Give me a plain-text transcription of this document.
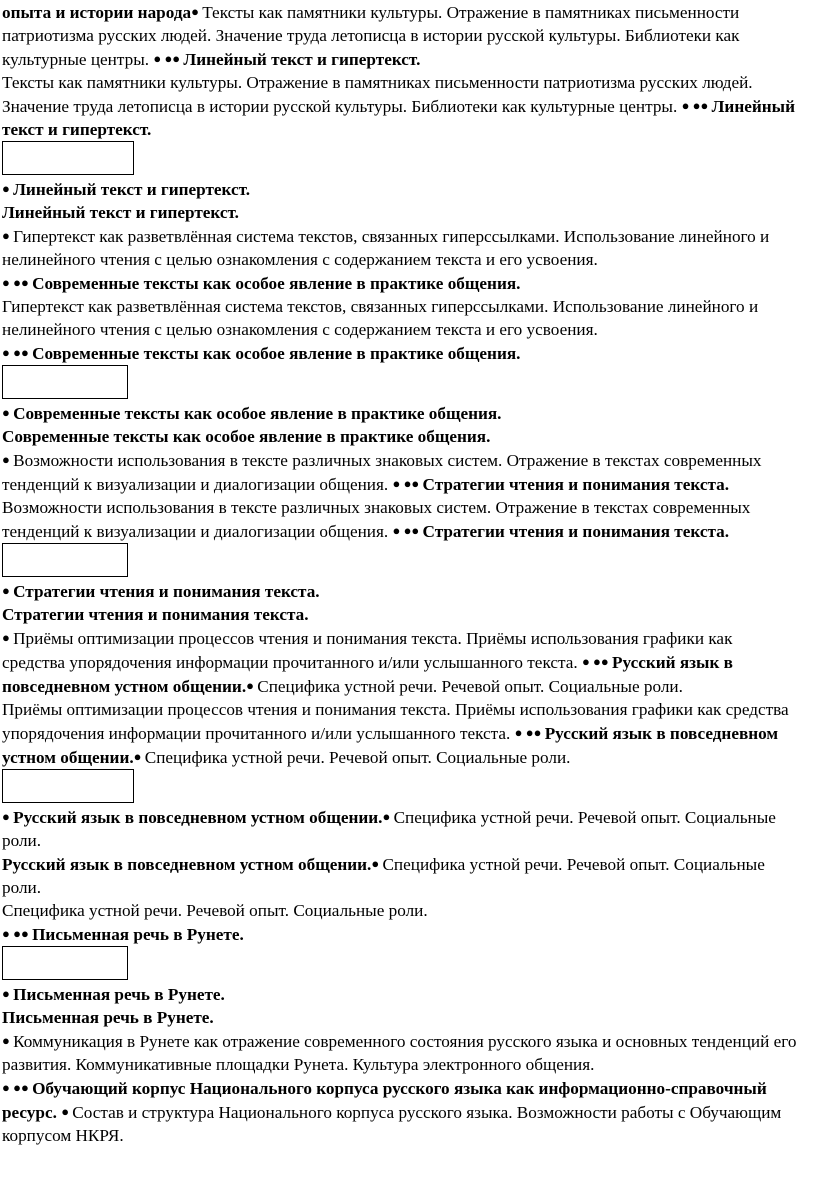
опыта и истории народа● Тексты как памятники культуры. Отражение в памятниках письменности патриотизма русских людей. Значение труда летописца в истории русской культуры. Библиотеки как культурные центры. ● ●● Линейный текст и гипертекст.

Тексты как памятники культуры. Отражение в памятниках письменности патриотизма русских людей. Значение труда летописца в истории русской культуры. Библиотеки как культурные центры. ● ●● Линейный текст и гипертекст.

● Линейный текст и гипертекст.

Линейный текст и гипертекст.

● Гипертекст как разветвлённая система текстов, связанных гиперссылками. Использование линейного и нелинейного чтения с целью ознакомления с содержанием текста и его усвоения.

● ●● Современные тексты как особое явление в практике общения.

Гипертекст как разветвлённая система текстов, связанных гиперссылками. Использование линейного и нелинейного чтения с целью ознакомления с содержанием текста и его усвоения.

● ●● Современные тексты как особое явление в практике общения.

● Современные тексты как особое явление в практике общения.

Современные тексты как особое явление в практике общения.

● Возможности использования в тексте различных знаковых систем. Отражение в текстах современных тенденций к визуализации и диалогизации общения. ● ●● Стратегии чтения и понимания текста.

Возможности использования в тексте различных знаковых систем. Отражение в текстах современных тенденций к визуализации и диалогизации общения. ● ●● Стратегии чтения и понимания текста.

● Стратегии чтения и понимания текста.

Стратегии чтения и понимания текста.

● Приёмы оптимизации процессов чтения и понимания текста. Приёмы использования графики как средства упорядочения информации прочитанного и/или услышанного текста. ● ●● Русский язык в повседневном устном общении.● Специфика устной речи. Речевой опыт. Социальные роли.

Приёмы оптимизации процессов чтения и понимания текста. Приёмы использования графики как средства упорядочения информации прочитанного и/или услышанного текста. ● ●● Русский язык в повседневном устном общении.● Специфика устной речи. Речевой опыт. Социальные роли.

● Русский язык в повседневном устном общении.● Специфика устной речи. Речевой опыт. Социальные роли.

Русский язык в повседневном устном общении.● Специфика устной речи. Речевой опыт. Социальные роли.

Специфика устной речи. Речевой опыт. Социальные роли.

● ●● Письменная речь в Рунете.

● Письменная речь в Рунете.

Письменная речь в Рунете.

● Коммуникация в Рунете как отражение современного состояния русского языка и основных тенденций его развития. Коммуникативные площадки Рунета. Культура электронного общения.

● ●● Обучающий корпус Национального корпуса русского языка как информационно-справочный ресурс. ● Состав и структура Национального корпуса русского языка. Возможности работы с Обучающим корпусом НКРЯ.
